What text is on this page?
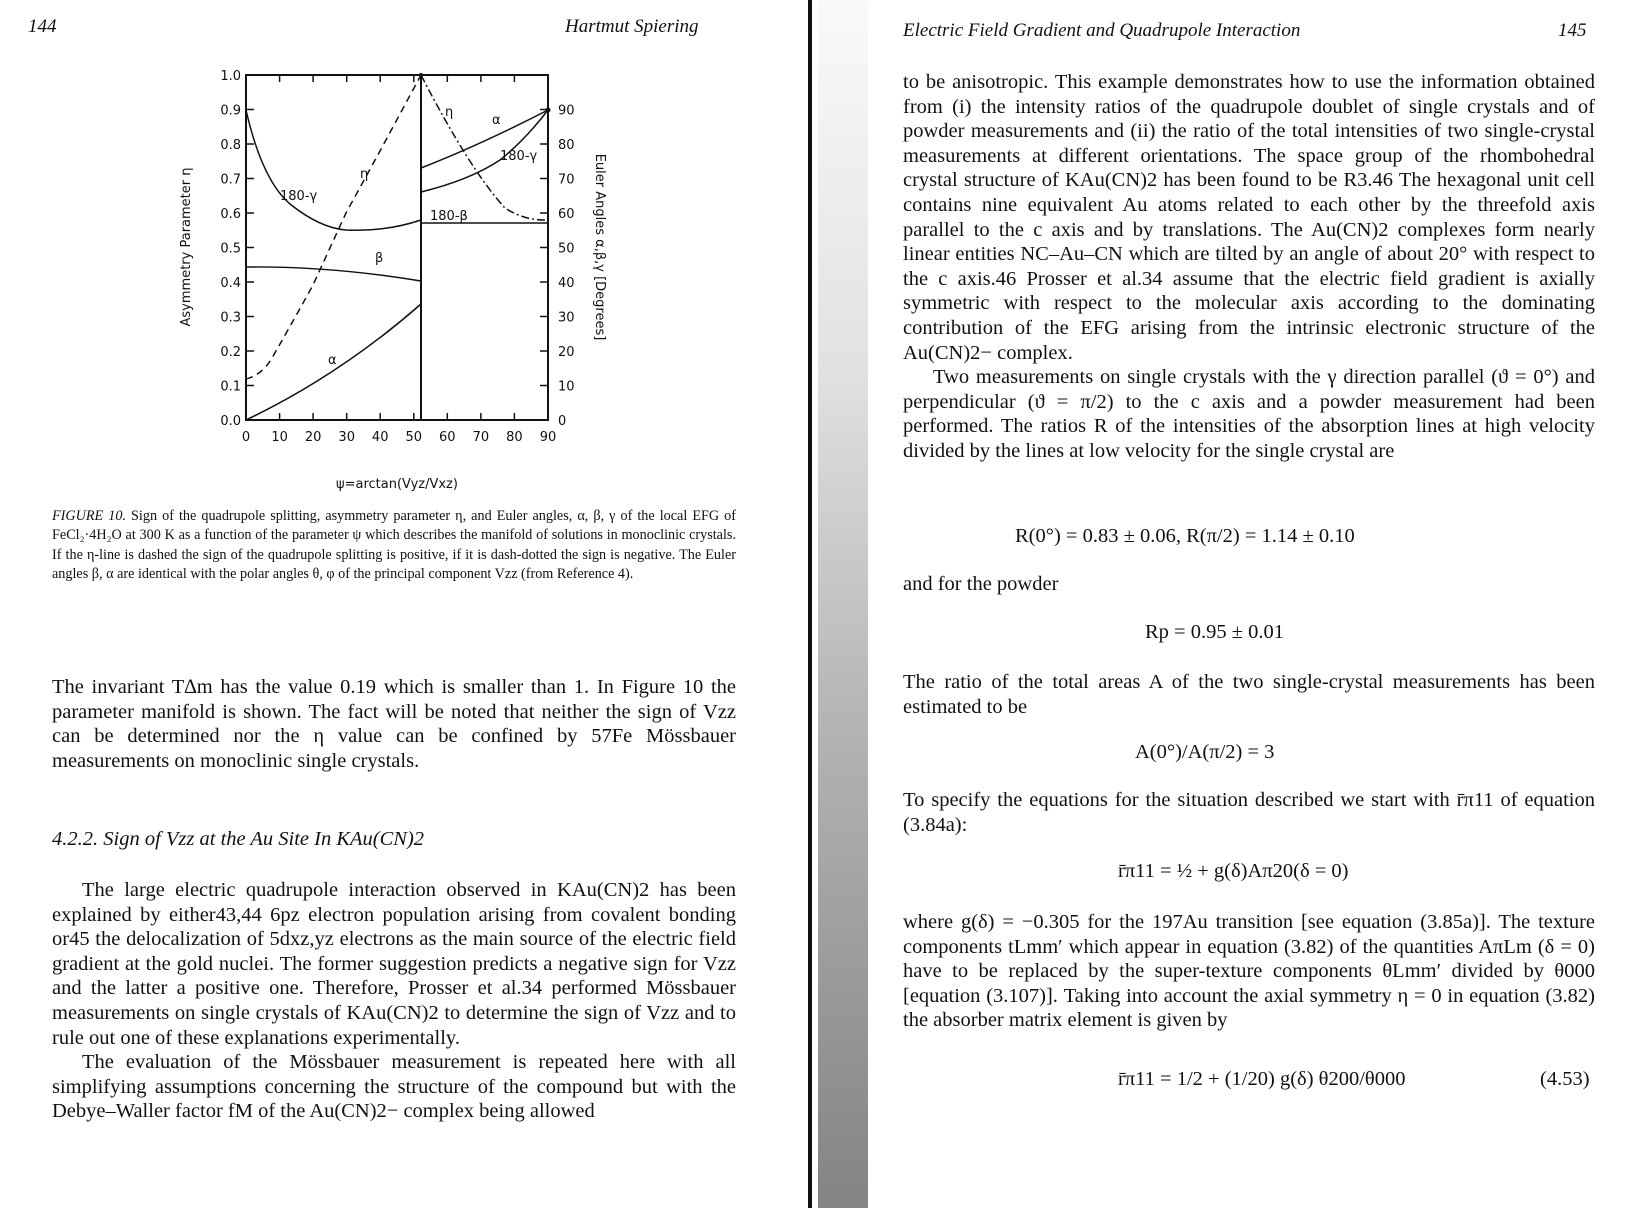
144	Hartmut Spiering
0.0
0.1
0.2
0.3
0.4
0.5
0.6
0.7
0.8
0.9
1.0
0
10
20
30
40
50
60
70
80
90
0 10 20 30 40 50 60 70 80 90
ψ=arctan(Vyz/Vxz)
Asymmetry Parameter η	Euler Angles α,β,γ [Degrees]
η
180-γ
β
α
180-β
η
α
180-γ
FIGURE 10. Sign of the quadrupole splitting, asymmetry parameter η, and Euler angles, α, β, γ of the local EFG of FeCl₂·4H₂O at 300 K as a function of the parameter ψ which describes the manifold of solutions in monoclinic crystals. If the η-line is dashed the sign of the quadrupole splitting is positive, if it is dash-dotted the sign is negative. The Euler angles β, α are identical with the polar angles θ, φ of the principal component Vzz (from Reference 4).

The invariant T∆m has the value 0.19 which is smaller than 1. In Figure 10 the parameter manifold is shown. The fact will be noted that neither the sign of Vzz can be determined nor the η value can be confined by 57Fe Mössbauer measurements on monoclinic single crystals.

4.2.2. Sign of Vzz at the Au Site In KAu(CN)2

The large electric quadrupole interaction observed in KAu(CN)2 has been explained by either43,44 6pz electron population arising from covalent bonding or45 the delocalization of 5dxz,yz electrons as the main source of the electric field gradient at the gold nuclei. The former suggestion predicts a negative sign for Vzz and the latter a positive one. Therefore, Prosser et al.34 performed Mössbauer measurements on single crystals of KAu(CN)2 to determine the sign of Vzz and to rule out one of these explanations experimentally.

The evaluation of the Mössbauer measurement is repeated here with all simplifying assumptions concerning the structure of the compound but with the Debye–Waller factor fM of the Au(CN)2− complex being allowed

Electric Field Gradient and Quadrupole Interaction	145

to be anisotropic. This example demonstrates how to use the information obtained from (i) the intensity ratios of the quadrupole doublet of single crystals and of powder measurements and (ii) the ratio of the total intensities of two single-crystal measurements at different orientations. The space group of the rhombohedral crystal structure of KAu(CN)2 has been found to be R3.46 The hexagonal unit cell contains nine equivalent Au atoms related to each other by the threefold axis parallel to the c axis and by translations. The Au(CN)2 complexes form nearly linear entities NC–Au–CN which are tilted by an angle of about 20° with respect to the c axis.46 Prosser et al.34 assume that the electric field gradient is axially symmetric with respect to the molecular axis according to the dominating contribution of the EFG arising from the intrinsic electronic structure of the Au(CN)2− complex.

Two measurements on single crystals with the γ direction parallel (ϑ = 0°) and perpendicular (ϑ = π/2) to the c axis and a powder measurement had been performed. The ratios R of the intensities of the absorption lines at high velocity divided by the lines at low velocity for the single crystal are

R(0°) = 0.83 ± 0.06, R(π/2) = 1.14 ± 0.10
and for the powder
Rp = 0.95 ± 0.01
The ratio of the total areas A of the two single-crystal measurements has been estimated to be
A(0°)/A(π/2) = 3
To specify the equations for the situation described we start with r̄π11 of equation (3.84a):
r̄π11 = ½ + g(δ)Aπ20(δ = 0)
where g(δ) = −0.305 for the 197Au transition [see equation (3.85a)]. The texture components tLmm′ which appear in equation (3.82) of the quantities AπLm (δ = 0) have to be replaced by the super-texture components θLmm′ divided by θ000 [equation (3.107)]. Taking into account the axial symmetry η = 0 in equation (3.82) the absorber matrix element is given by
r̄π11 = 1/2 + (1/20) g(δ) θ200/θ000	(4.53)
